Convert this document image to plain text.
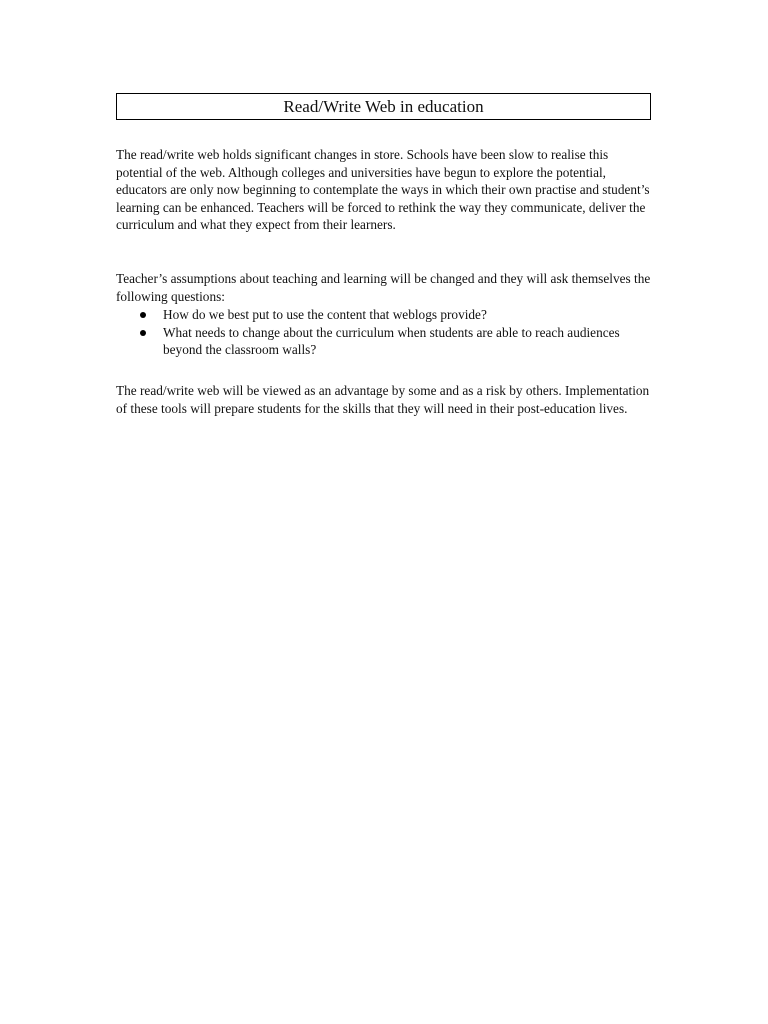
Read/Write Web in education

The read/write web holds significant changes in store. Schools have been slow to realise this potential of the web. Although colleges and universities have begun to explore the potential, educators are only now beginning to contemplate the ways in which their own practise and student’s learning can be enhanced. Teachers will be forced to rethink the way they communicate, deliver the curriculum and what they expect from their learners.

Teacher’s assumptions about teaching and learning will be changed and they will ask themselves the following questions:

How do we best put to use the content that weblogs provide?
What needs to change about the curriculum when students are able to reach audiences beyond the classroom walls?

The read/write web will be viewed as an advantage by some and as a risk by others. Implementation of these tools will prepare students for the skills that they will need in their post-education lives.
